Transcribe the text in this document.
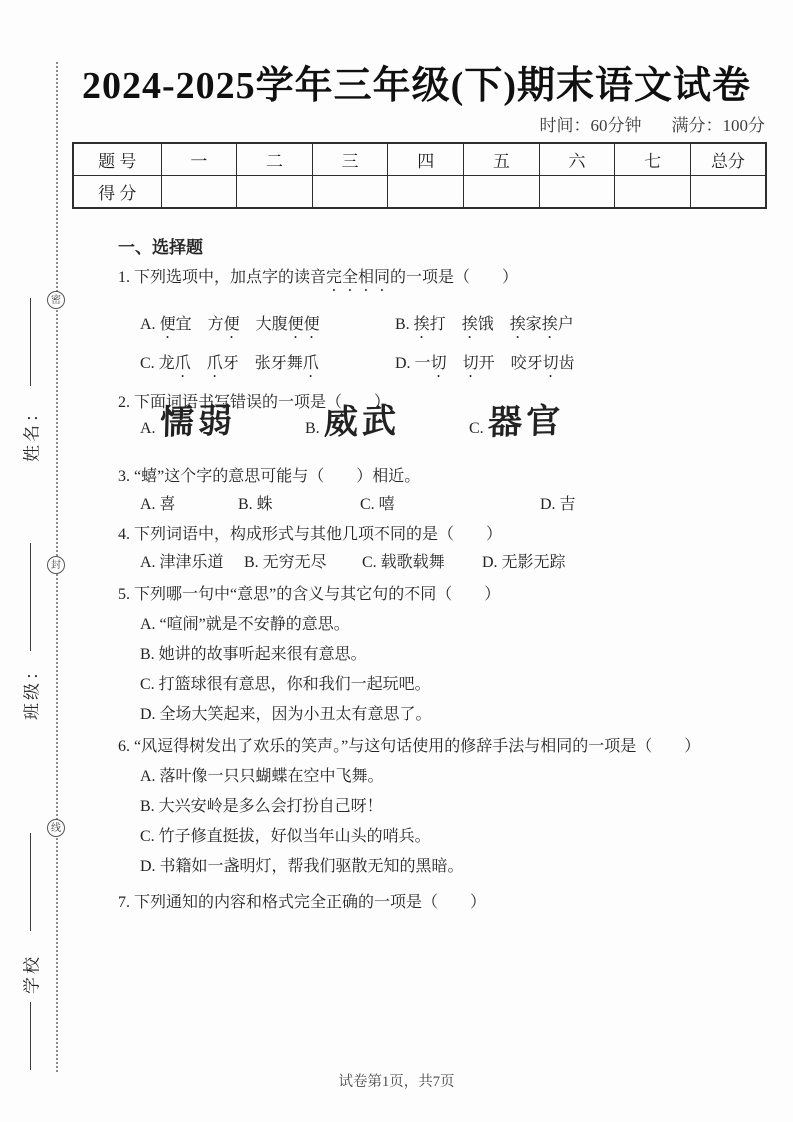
密
封
线
姓名：
班级：
学校
2024-2025学年三年级(下)期末语文试卷
时间：60分钟 满分：100分
题 号	一	二	三	四	五	六	七	总分
得 分								
一、选择题
1. 下列选项中，加点字的读音完全相同的一项是（　　）
A. 便宜　方便　大腹便便	B. 挨打　挨饿　挨家挨户
C. 龙爪　 爪牙　张牙舞爪	D. 一切　 切开　咬牙切齿
2. 下面词语书写错误的一项是（　　）
A. 懦弱	B. 威武	C. 器官
3. “蟢”这个字的意思可能与（　　）相近。
A. 喜	B. 蛛	C. 嘻	D. 吉
4. 下列词语中，构成形式与其他几项不同的是（　　）
A. 津津乐道	B. 无穷无尽	C. 载歌载舞	D. 无影无踪
5. 下列哪一句中“意思”的含义与其它句的不同（　　）
A. “喧闹”就是不安静的意思。
B. 她讲的故事听起来很有意思。
C. 打篮球很有意思，你和我们一起玩吧。
D. 全场大笑起来，因为小丑太有意思了。
6. “风逗得树发出了欢乐的笑声。”与这句话使用的修辞手法与相同的一项是（　　）
A. 落叶像一只只蝴蝶在空中飞舞。
B. 大兴安岭是多么会打扮自己呀！
C. 竹子修直挺拔，好似当年山头的哨兵。
D. 书籍如一盏明灯，帮我们驱散无知的黑暗。
7. 下列通知的内容和格式完全正确的一项是（　　）
试卷第1页，共7页
